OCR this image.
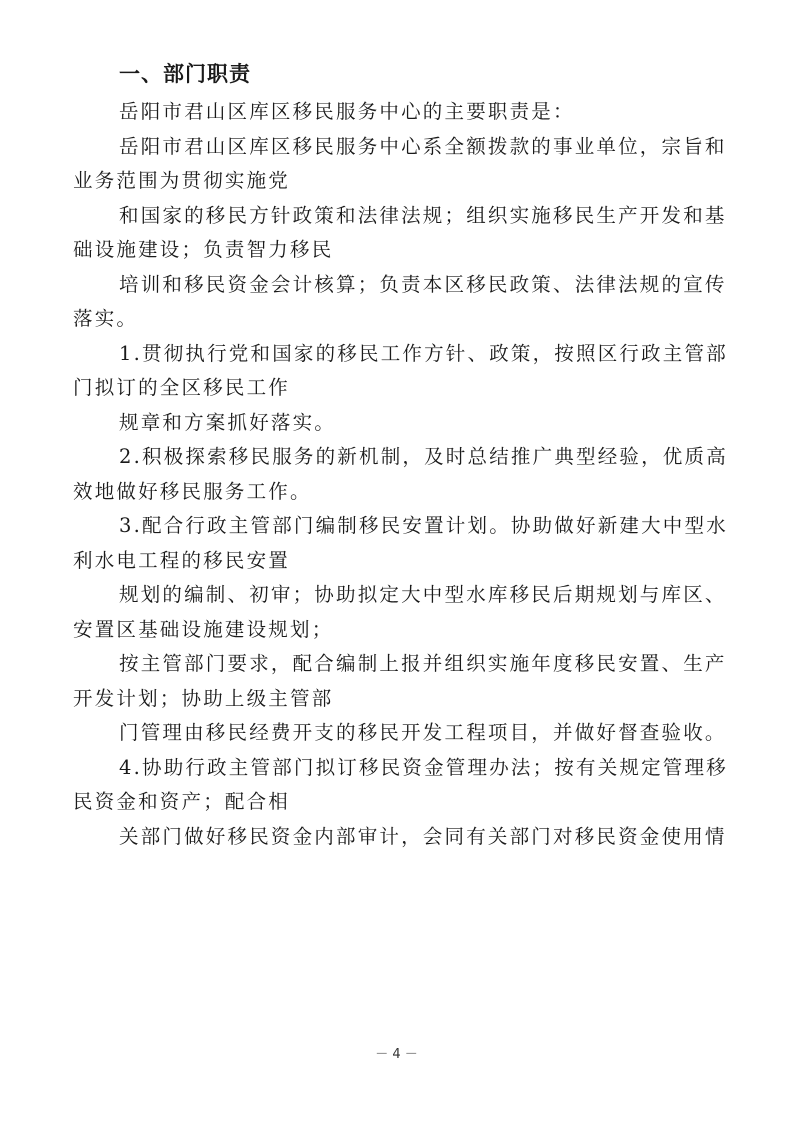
一、部门职责
岳阳市君山区库区移民服务中心的主要职责是：
岳阳市君山区库区移民服务中心系全额拨款的事业单位，宗旨和
业务范围为贯彻实施党
和国家的移民方针政策和法律法规；组织实施移民生产开发和基
础设施建设；负责智力移民
培训和移民资金会计核算；负责本区移民政策、法律法规的宣传
落实。
1.贯彻执行党和国家的移民工作方针、政策，按照区行政主管部
门拟订的全区移民工作
规章和方案抓好落实。
2.积极探索移民服务的新机制，及时总结推广典型经验，优质高
效地做好移民服务工作。
3.配合行政主管部门编制移民安置计划。协助做好新建大中型水
利水电工程的移民安置
规划的编制、初审；协助拟定大中型水库移民后期规划与库区、
安置区基础设施建设规划；
按主管部门要求，配合编制上报并组织实施年度移民安置、生产
开发计划；协助上级主管部
门管理由移民经费开支的移民开发工程项目，并做好督查验收。
4.协助行政主管部门拟订移民资金管理办法；按有关规定管理移
民资金和资产；配合相
关部门做好移民资金内部审计，会同有关部门对移民资金使用情
－ 4 －
